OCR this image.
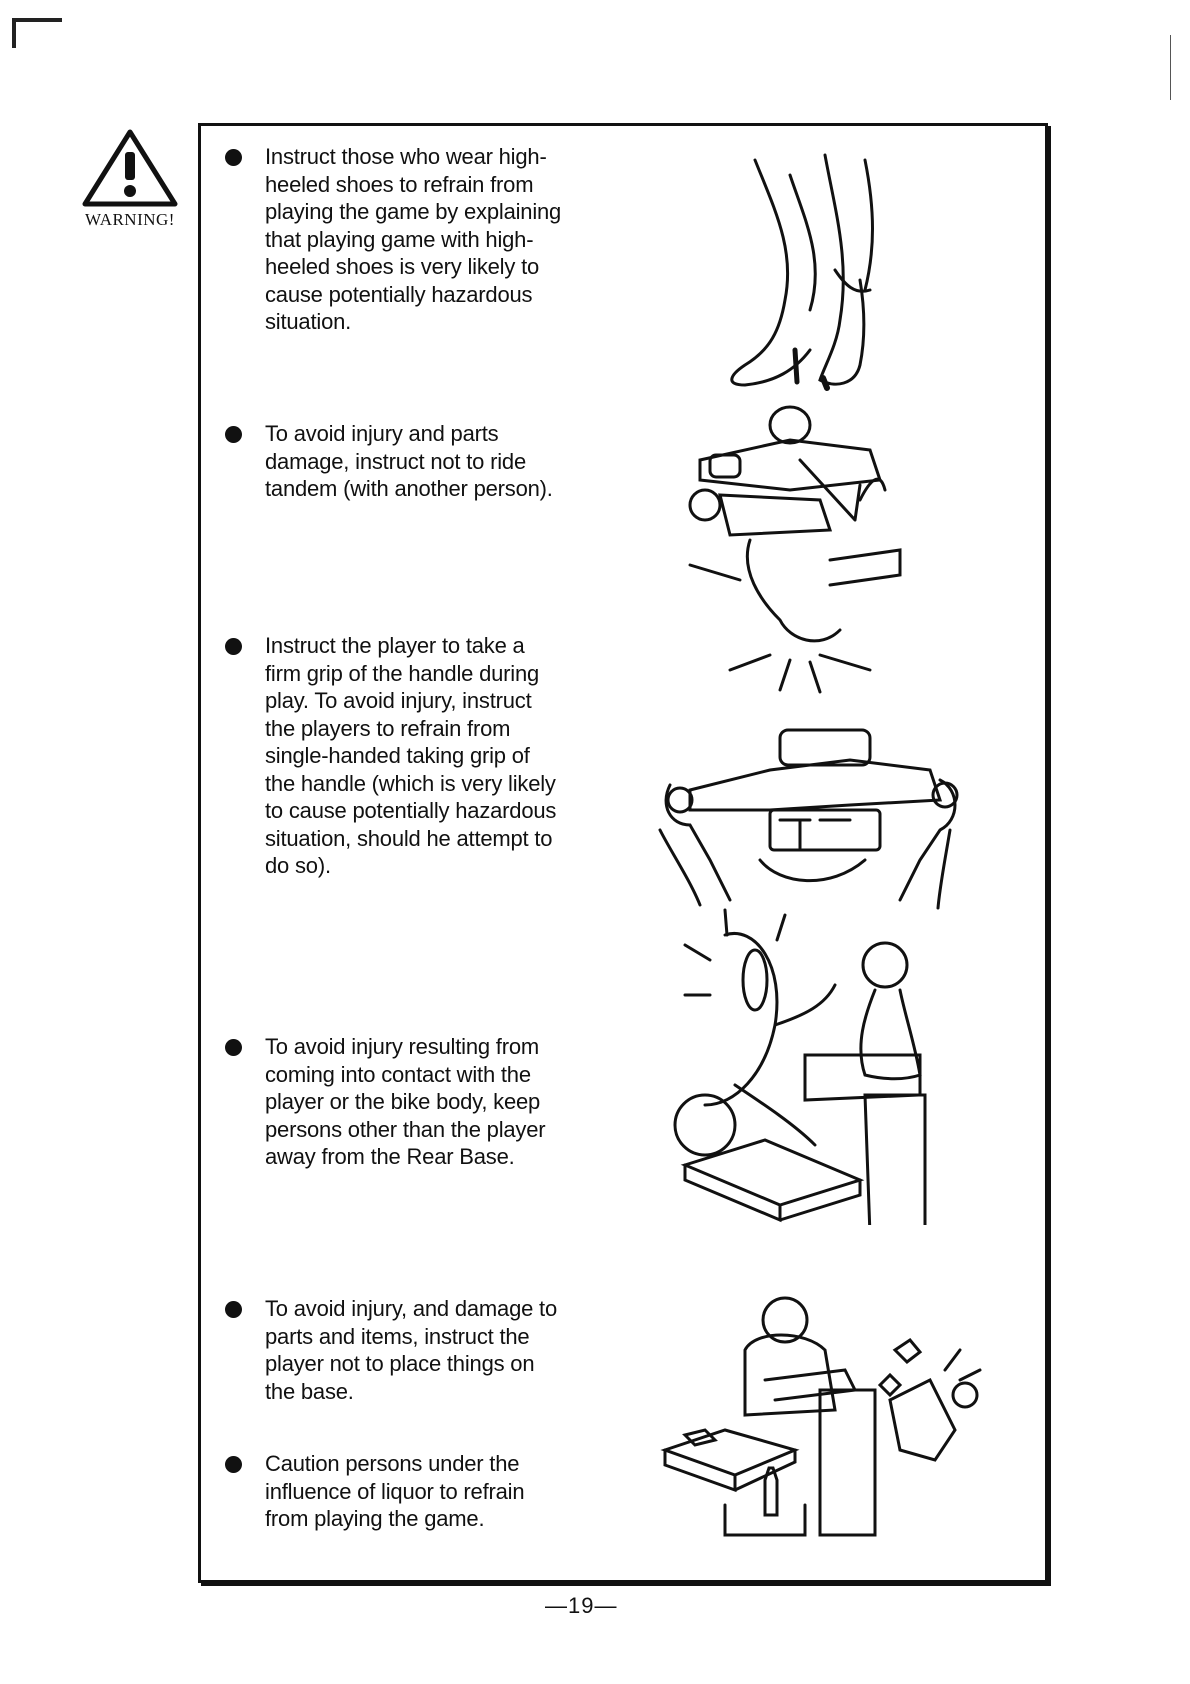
WARNING!
Instruct those who wear high-
heeled shoes to refrain from
playing the game by explaining
that playing game with high-
heeled shoes is very likely to
cause potentially hazardous
situation.
To avoid injury and parts
damage, instruct not to ride
tandem (with another person).
Instruct the player to take a
firm grip of the handle during
play. To avoid injury, instruct
the players to refrain from
single-handed taking grip of
the handle (which is very likely
to cause potentially hazardous
situation, should he attempt to
do so).
To avoid injury resulting from
coming into contact with the
player or the bike body, keep
persons other than the player
away from the Rear Base.
To avoid injury, and damage to
parts and items, instruct the
player not to place things on
the base.
Caution persons under the
influence of liquor to refrain
from playing the game.
—19—
